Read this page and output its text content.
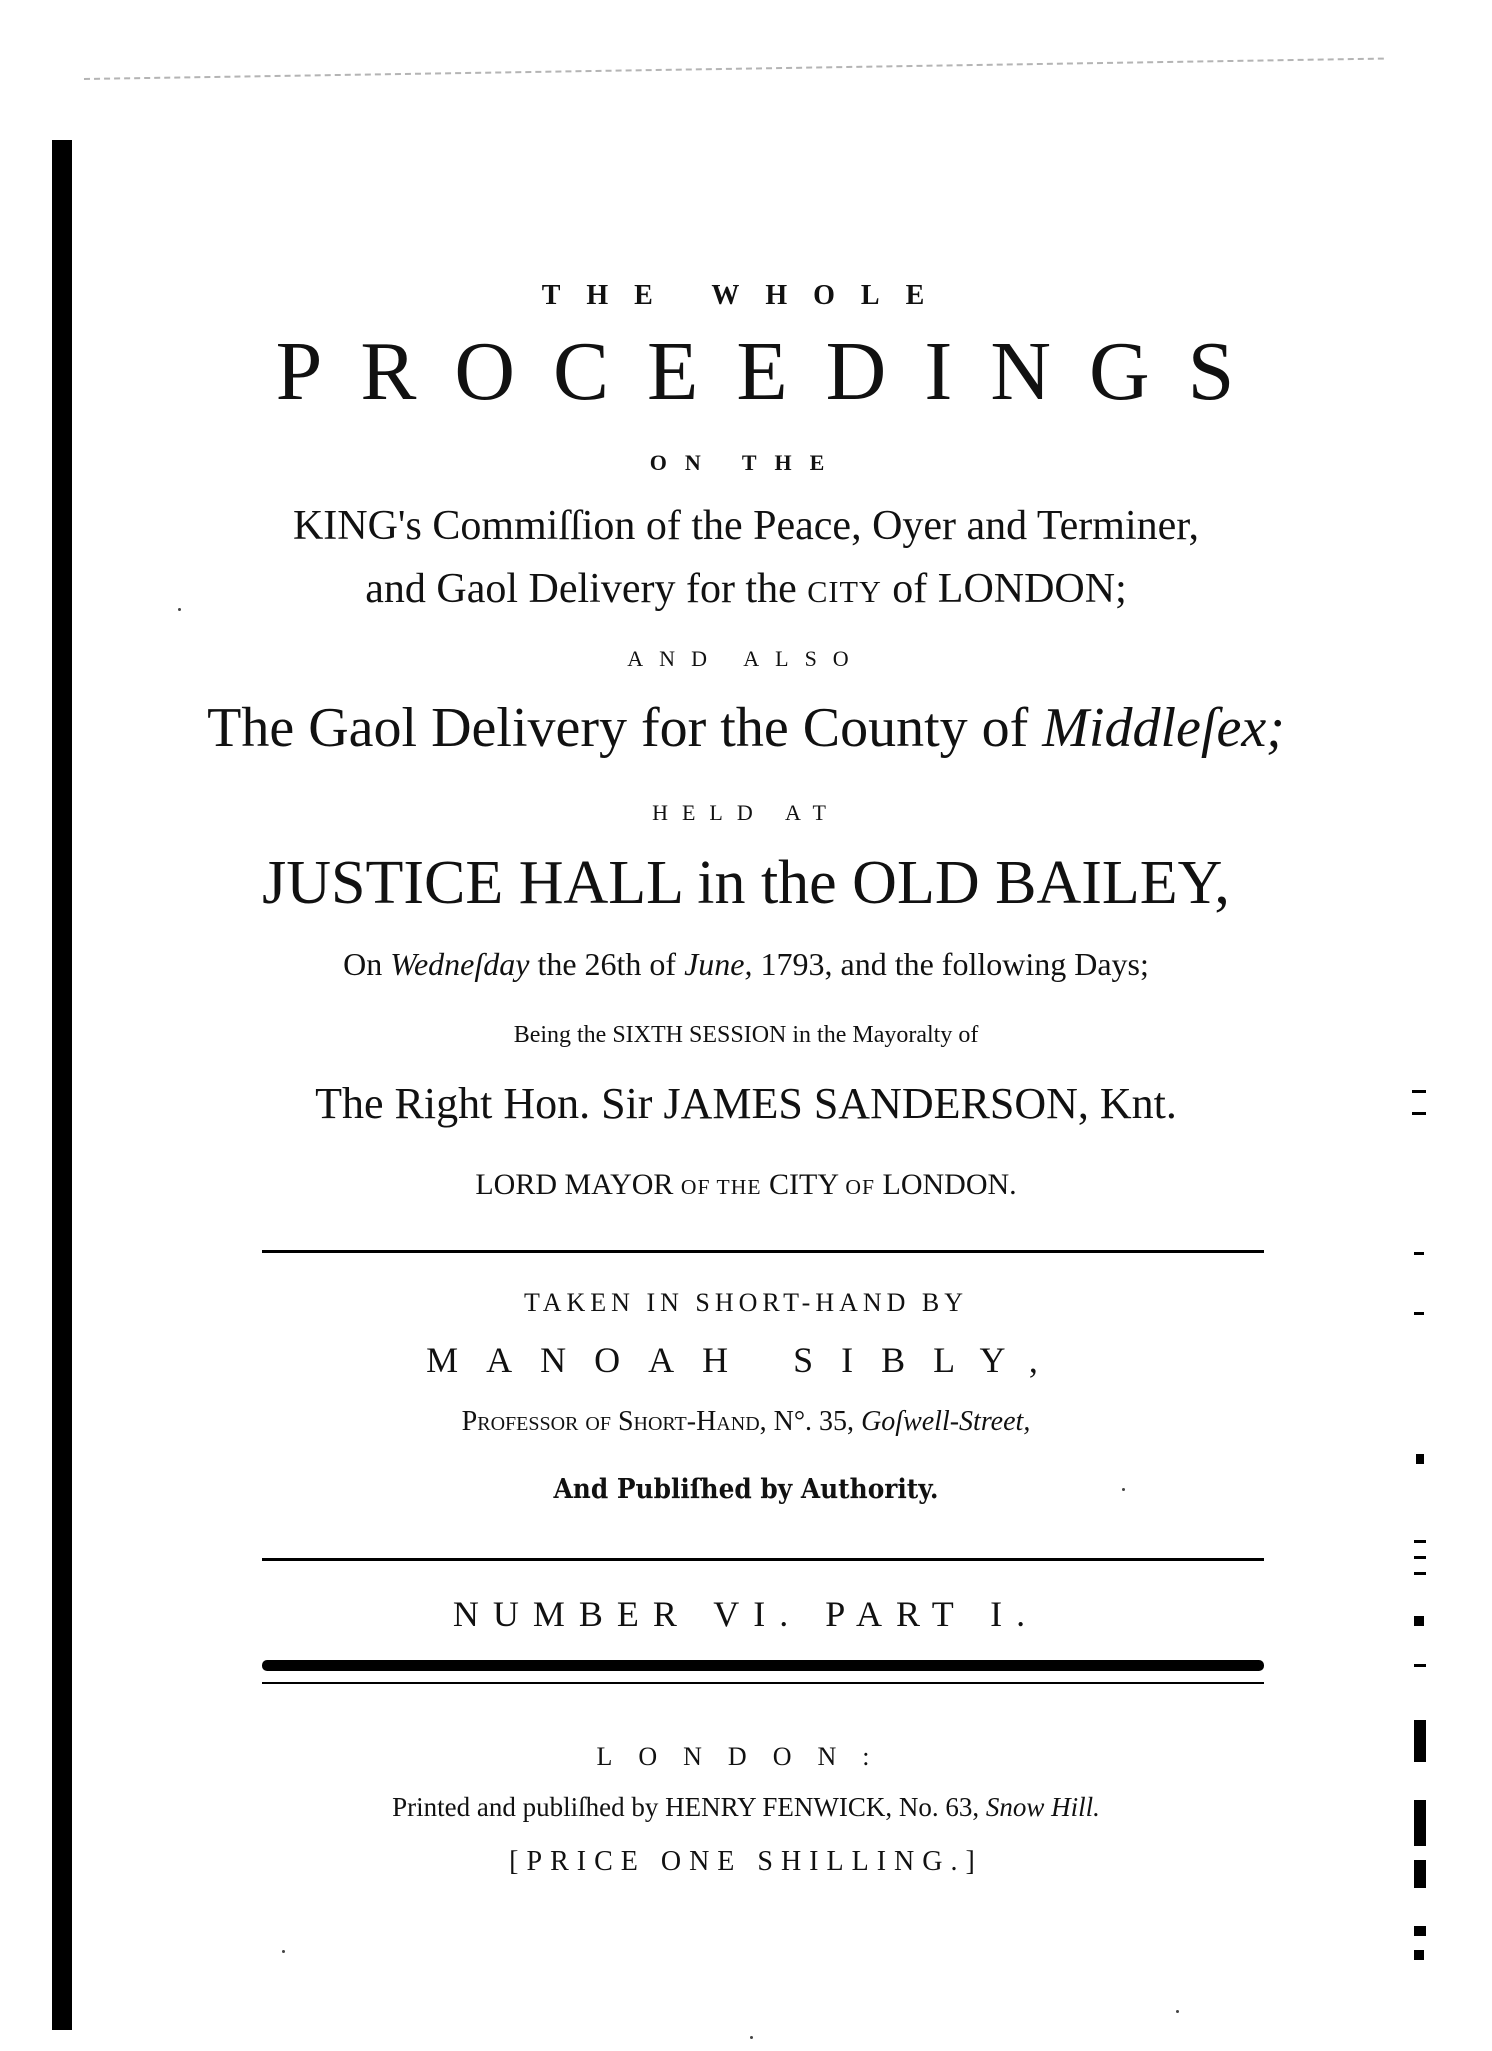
THE WHOLE
PROCEEDINGS
ON THE
KING's Commiſſion of the Peace, Oyer and Terminer,
and Gaol Delivery for the CITY of LONDON;
AND ALSO
The Gaol Delivery for the County of Middleſex;
HELD AT
JUSTICE HALL in the OLD BAILEY,
On Wedneſday the 26th of June, 1793, and the following Days;
Being the SIXTH SESSION in the Mayoralty of
The Right Hon. Sir JAMES SANDERSON, Knt.
LORD MAYOR OF THE CITY OF LONDON.
TAKEN IN SHORT-HAND BY
MANOAH SIBLY,
Professor of Short-Hand, N°. 35, Goſwell-Street,
And Publiſhed by Authority.
NUMBER VI. PART I.
LONDON:
Printed and publiſhed by HENRY FENWICK, No. 63, Snow Hill.
[PRICE ONE SHILLING.]
